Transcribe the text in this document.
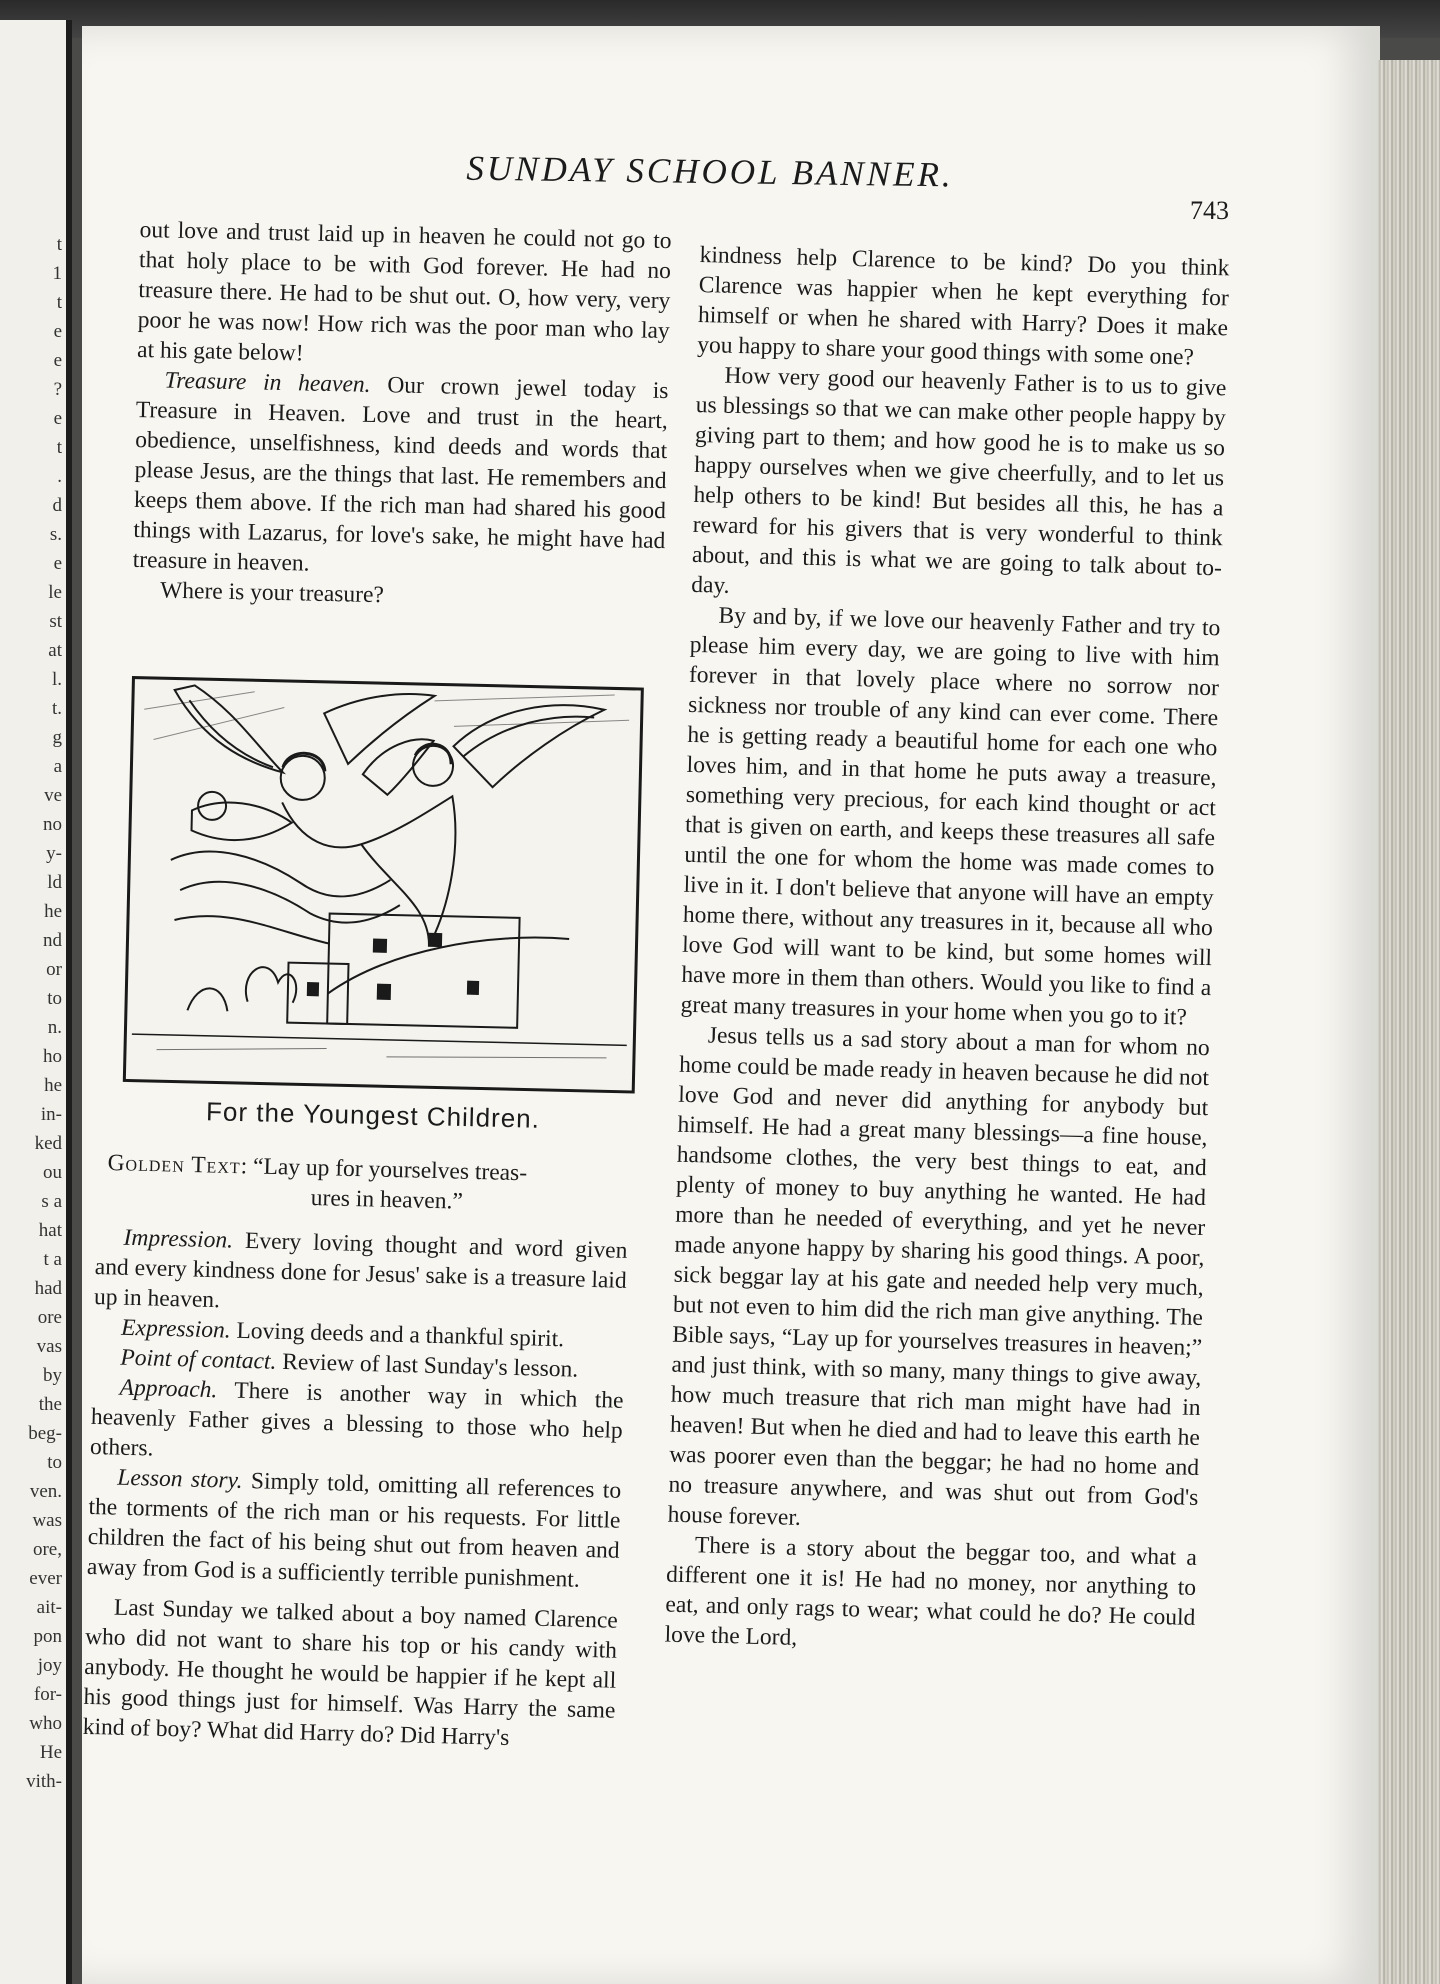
t
1
t
e
e
?
e
t
.
d
s.
e
le
st
at
l.
t.
g
a
ve
no
y-
ld
he
nd
or
to
n.
ho
he
in-
ked
ou
s a
hat
t a
had
ore
vas
by
the
beg-
to
ven.
was
ore,
ever
ait-
pon
joy
for-
who
He
vith-
SUNDAY SCHOOL BANNER.
743

out love and trust laid up in heaven he could not go to that holy place to be with God forever. He had no treasure there. He had to be shut out. O, how very, very poor he was now! How rich was the poor man who lay at his gate below!

Treasure in heaven. Our crown jewel today is Treasure in Heaven. Love and trust in the heart, obedience, unselfishness, kind deeds and words that please Jesus, are the things that last. He remembers and keeps them above. If the rich man had shared his good things with Lazarus, for love's sake, he might have had treasure in heaven.

Where is your treasure?

For the Youngest Children.
Golden Text: “Lay up for yourselves treas-
ures in heaven.”

Impression. Every loving thought and word given and every kindness done for Jesus' sake is a treasure laid up in heaven.

Expression. Loving deeds and a thankful spirit.

Point of contact. Review of last Sunday's lesson.

Approach. There is another way in which the heavenly Father gives a blessing to those who help others.

Lesson story. Simply told, omitting all references to the torments of the rich man or his requests. For little children the fact of his being shut out from heaven and away from God is a sufficiently terrible punishment.

Last Sunday we talked about a boy named Clarence who did not want to share his top or his candy with anybody. He thought he would be happier if he kept all his good things just for himself. Was Harry the same kind of boy? What did Harry do? Did Harry's

kindness help Clarence to be kind? Do you think Clarence was happier when he kept everything for himself or when he shared with Harry? Does it make you happy to share your good things with some one?

How very good our heavenly Father is to us to give us blessings so that we can make other people happy by giving part to them; and how good he is to make us so happy ourselves when we give cheerfully, and to let us help others to be kind! But besides all this, he has a reward for his givers that is very wonderful to think about, and this is what we are going to talk about to-day.

By and by, if we love our heavenly Father and try to please him every day, we are going to live with him forever in that lovely place where no sorrow nor sickness nor trouble of any kind can ever come. There he is getting ready a beautiful home for each one who loves him, and in that home he puts away a treasure, something very precious, for each kind thought or act that is given on earth, and keeps these treasures all safe until the one for whom the home was made comes to live in it. I don't believe that anyone will have an empty home there, without any treasures in it, because all who love God will want to be kind, but some homes will have more in them than others. Would you like to find a great many treasures in your home when you go to it?

Jesus tells us a sad story about a man for whom no home could be made ready in heaven because he did not love God and never did anything for anybody but himself. He had a great many blessings—a fine house, handsome clothes, the very best things to eat, and plenty of money to buy anything he wanted. He had more than he needed of everything, and yet he never made anyone happy by sharing his good things. A poor, sick beggar lay at his gate and needed help very much, but not even to him did the rich man give anything. The Bible says, “Lay up for yourselves treasures in heaven;” and just think, with so many, many things to give away, how much treasure that rich man might have had in heaven! But when he died and had to leave this earth he was poorer even than the beggar; he had no home and no treasure anywhere, and was shut out from God's house forever.

There is a story about the beggar too, and what a different one it is! He had no money, nor anything to eat, and only rags to wear; what could he do? He could love the Lord,
